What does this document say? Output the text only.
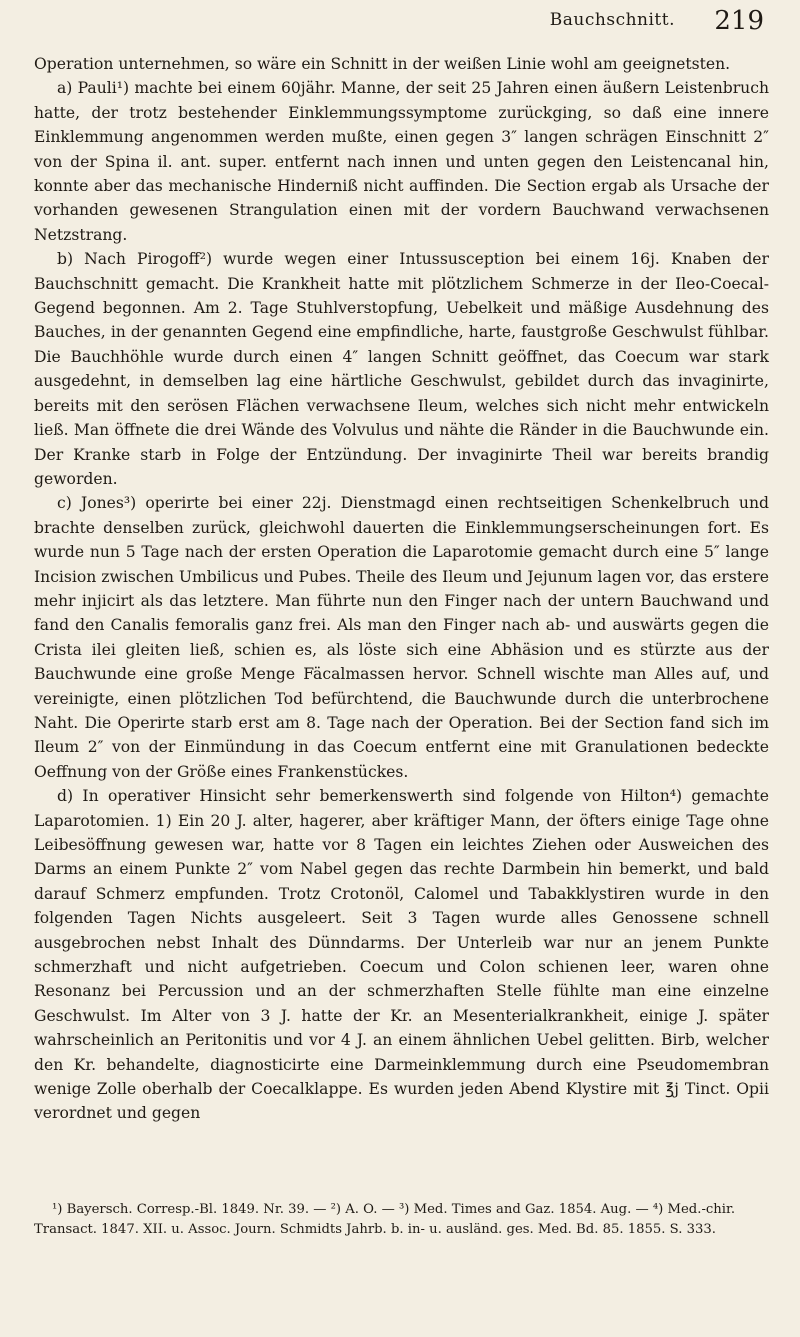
Bauchschnitt. 219

Operation unternehmen, so wäre ein Schnitt in der weißen Linie wohl am geeignetsten.

a) Pauli¹) machte bei einem 60jähr. Manne, der seit 25 Jahren einen äußern Leistenbruch hatte, der trotz bestehender Einklemmungssymptome zurückging, so daß eine innere Einklemmung angenommen werden mußte, einen gegen 3″ langen schrägen Einschnitt 2″ von der Spina il. ant. super. entfernt nach innen und unten gegen den Leistencanal hin, konnte aber das mechanische Hinderniß nicht auffinden. Die Section ergab als Ursache der vorhanden gewesenen Strangulation einen mit der vordern Bauchwand verwachsenen Netzstrang.

b) Nach Pirogoff²) wurde wegen einer Intussusception bei einem 16j. Knaben der Bauchschnitt gemacht. Die Krankheit hatte mit plötzlichem Schmerze in der Ileo-Coecal-Gegend begonnen. Am 2. Tage Stuhlverstopfung, Uebelkeit und mäßige Ausdehnung des Bauches, in der genannten Gegend eine empfindliche, harte, faustgroße Geschwulst fühlbar. Die Bauchhöhle wurde durch einen 4″ langen Schnitt geöffnet, das Coecum war stark ausgedehnt, in demselben lag eine härtliche Geschwulst, gebildet durch das invaginirte, bereits mit den serösen Flächen verwachsene Ileum, welches sich nicht mehr entwickeln ließ. Man öffnete die drei Wände des Volvulus und nähte die Ränder in die Bauchwunde ein. Der Kranke starb in Folge der Entzündung. Der invaginirte Theil war bereits brandig geworden.

c) Jones³) operirte bei einer 22j. Dienstmagd einen rechtseitigen Schenkelbruch und brachte denselben zurück, gleichwohl dauerten die Einklemmungserscheinungen fort. Es wurde nun 5 Tage nach der ersten Operation die Laparotomie gemacht durch eine 5″ lange Incision zwischen Umbilicus und Pubes. Theile des Ileum und Jejunum lagen vor, das erstere mehr injicirt als das letztere. Man führte nun den Finger nach der untern Bauchwand und fand den Canalis femoralis ganz frei. Als man den Finger nach ab- und auswärts gegen die Crista ilei gleiten ließ, schien es, als löste sich eine Abhäsion und es stürzte aus der Bauchwunde eine große Menge Fäcalmassen hervor. Schnell wischte man Alles auf, und vereinigte, einen plötzlichen Tod befürchtend, die Bauchwunde durch die unterbrochene Naht. Die Operirte starb erst am 8. Tage nach der Operation. Bei der Section fand sich im Ileum 2″ von der Einmündung in das Coecum entfernt eine mit Granulationen bedeckte Oeffnung von der Größe eines Frankenstückes.

d) In operativer Hinsicht sehr bemerkenswerth sind folgende von Hilton⁴) gemachte Laparotomien. 1) Ein 20 J. alter, hagerer, aber kräftiger Mann, der öfters einige Tage ohne Leibesöffnung gewesen war, hatte vor 8 Tagen ein leichtes Ziehen oder Ausweichen des Darms an einem Punkte 2″ vom Nabel gegen das rechte Darmbein hin bemerkt, und bald darauf Schmerz empfunden. Trotz Crotonöl, Calomel und Tabakklystiren wurde in den folgenden Tagen Nichts ausgeleert. Seit 3 Tagen wurde alles Genossene schnell ausgebrochen nebst Inhalt des Dünndarms. Der Unterleib war nur an jenem Punkte schmerzhaft und nicht aufgetrieben. Coecum und Colon schienen leer, waren ohne Resonanz bei Percussion und an der schmerzhaften Stelle fühlte man eine einzelne Geschwulst. Im Alter von 3 J. hatte der Kr. an Mesenterialkrankheit, einige J. später wahrscheinlich an Peritonitis und vor 4 J. an einem ähnlichen Uebel gelitten. Birb, welcher den Kr. behandelte, diagnosticirte eine Darmeinklemmung durch eine Pseudomembran wenige Zolle oberhalb der Coecalklappe. Es wurden jeden Abend Klystire mit ℥j Tinct. Opii verordnet und gegen

¹) Bayersch. Corresp.-Bl. 1849. Nr. 39. — ²) A. O. — ³) Med. Times and Gaz. 1854. Aug. — ⁴) Med.-chir. Transact. 1847. XII. u. Assoc. Journ. Schmidts Jahrb. b. in- u. ausländ. ges. Med. Bd. 85. 1855. S. 333.
